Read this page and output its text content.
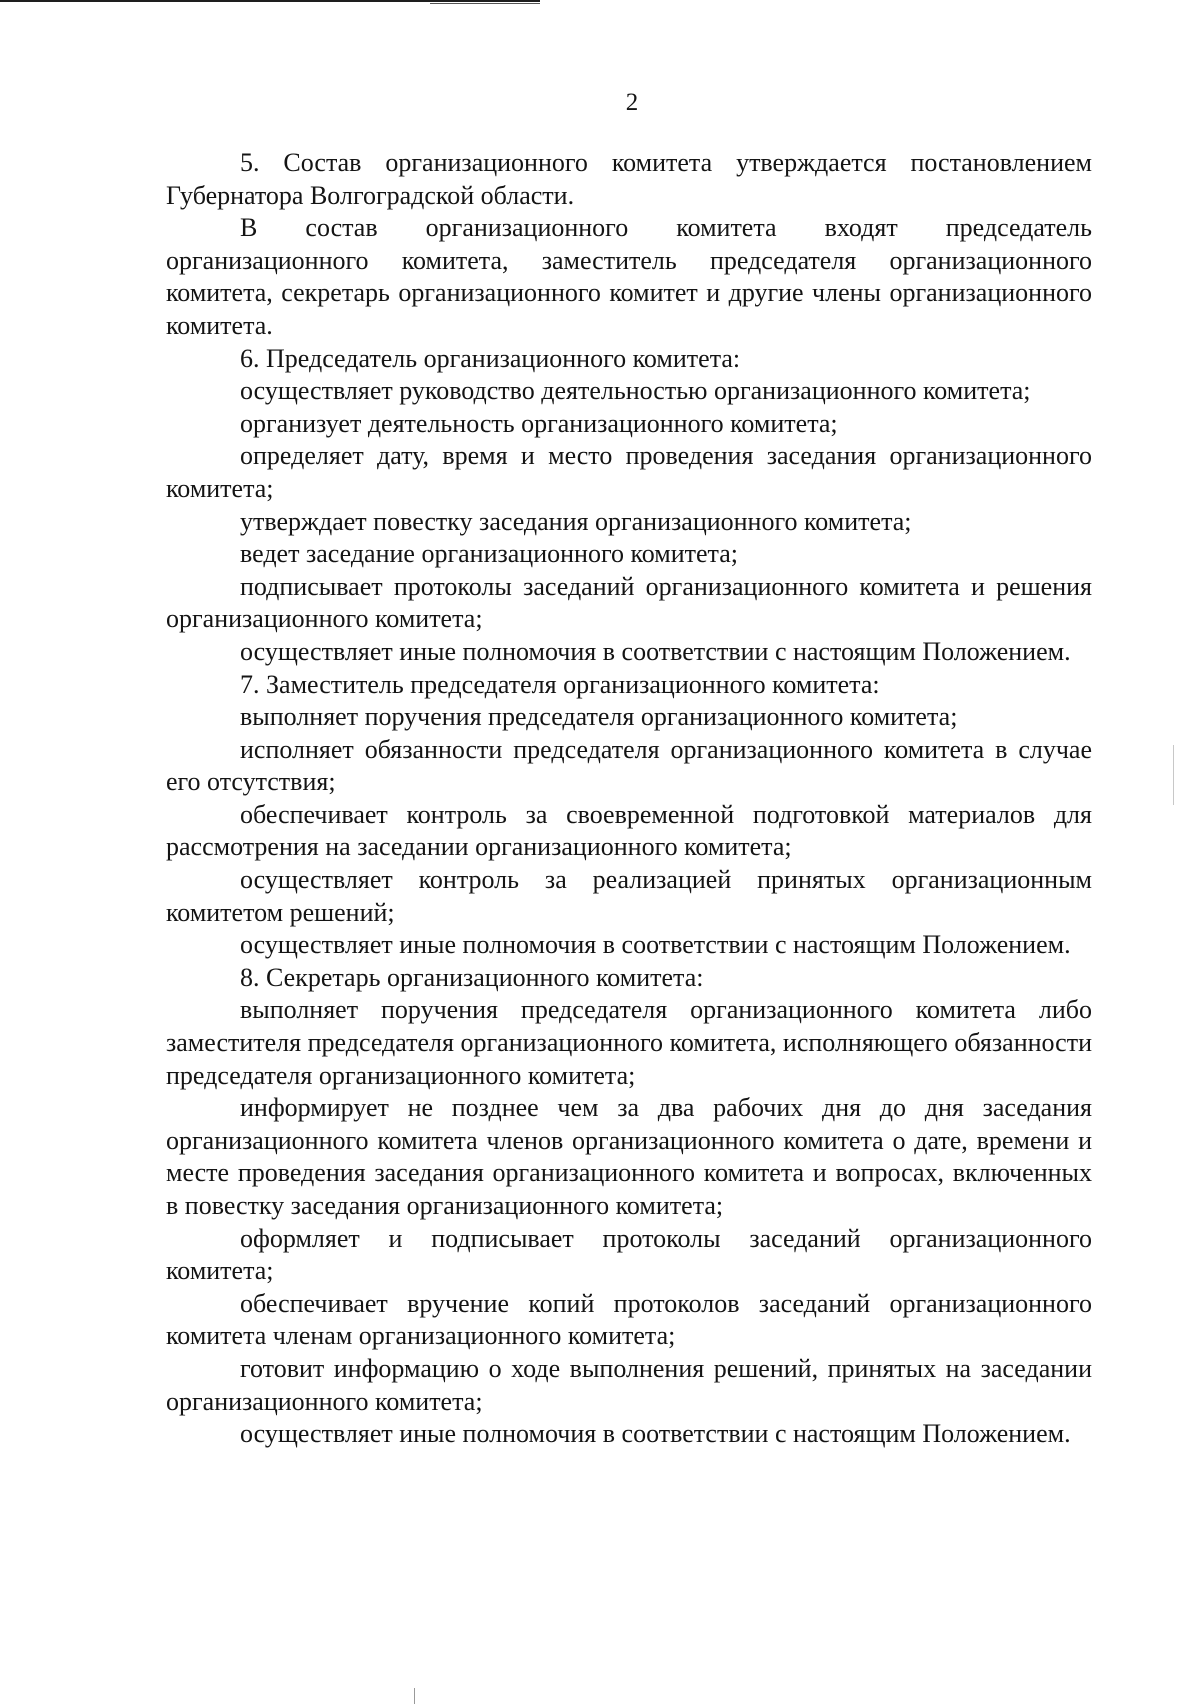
2

5. Состав организационного комитета утверждается постановлением Губернатора Волгоградской области.

В состав организационного комитета входят председатель организационного комитета, заместитель председателя организационного комитета, секретарь организационного комитет и другие члены организационного комитета.

6. Председатель организационного комитета:

осуществляет руководство деятельностью организационного комитета;

организует деятельность организационного комитета;

определяет дату, время и место проведения заседания организационного комитета;

утверждает повестку заседания организационного комитета;

ведет заседание организационного комитета;

подписывает протоколы заседаний организационного комитета и решения организационного комитета;

осуществляет иные полномочия в соответствии с настоящим Положением.

7. Заместитель председателя организационного комитета:

выполняет поручения председателя организационного комитета;

исполняет обязанности председателя организационного комитета в случае его отсутствия;

обеспечивает контроль за своевременной подготовкой материалов для рассмотрения на заседании организационного комитета;

осуществляет контроль за реализацией принятых организационным комитетом решений;

осуществляет иные полномочия в соответствии с настоящим Положением.

8. Секретарь организационного комитета:

выполняет поручения председателя организационного комитета либо заместителя председателя организационного комитета, исполняющего обязанности председателя организационного комитета;

информирует не позднее чем за два рабочих дня до дня заседания организационного комитета членов организационного комитета о дате, времени и месте проведения заседания организационного комитета и вопросах, включенных в повестку заседания организационного комитета;

оформляет и подписывает протоколы заседаний организационного комитета;

обеспечивает вручение копий протоколов заседаний организационного комитета членам организационного комитета;

готовит информацию о ходе выполнения решений, принятых на заседании организационного комитета;

осуществляет иные полномочия в соответствии с настоящим Положением.
